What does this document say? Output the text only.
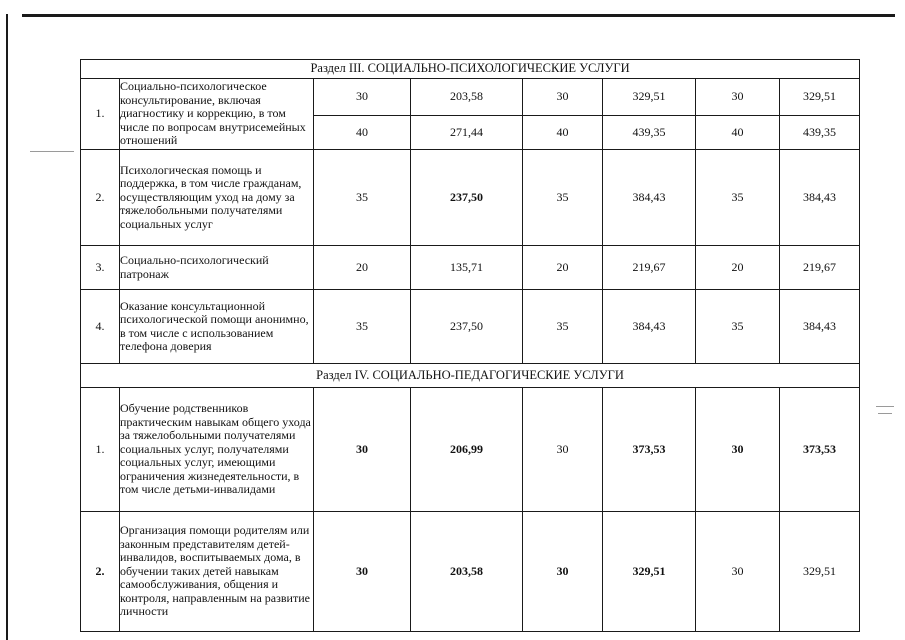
Раздел III. СОЦИАЛЬНО-ПСИХОЛОГИЧЕСКИЕ УСЛУГИ							
1.	Социально-психологическое консультирование, включая диагностику и коррекцию, в том числе по вопросам внутрисемейных отношений	30	203,58	30	329,51	30	329,51
		40	271,44	40	439,35	40	439,35
2.	Психологическая помощь и поддержка, в том числе гражданам, осуществляющим уход на дому за тяжелобольными получателями социальных услуг	35	237,50	35	384,43	35	384,43
3.	Социально-психологический патронаж	20	135,71	20	219,67	20	219,67
4.	Оказание консультационной психологической помощи анонимно, в том числе с использованием телефона доверия	35	237,50	35	384,43	35	384,43
Раздел IV. СОЦИАЛЬНО-ПЕДАГОГИЧЕСКИЕ УСЛУГИ							
1.	Обучение родственников практическим навыкам общего ухода за тяжелобольными получателями социальных услуг, получателями социальных услуг, имеющими ограничения жизнедеятельности, в том числе детьми-инвалидами	30	206,99	30	373,53	30	373,53
2.	Организация помощи родителям или законным представителям детей-инвалидов, воспитываемых дома, в обучении таких детей навыкам самообслуживания, общения и контроля, направленным на развитие личности	30	203,58	30	329,51	30	329,51
